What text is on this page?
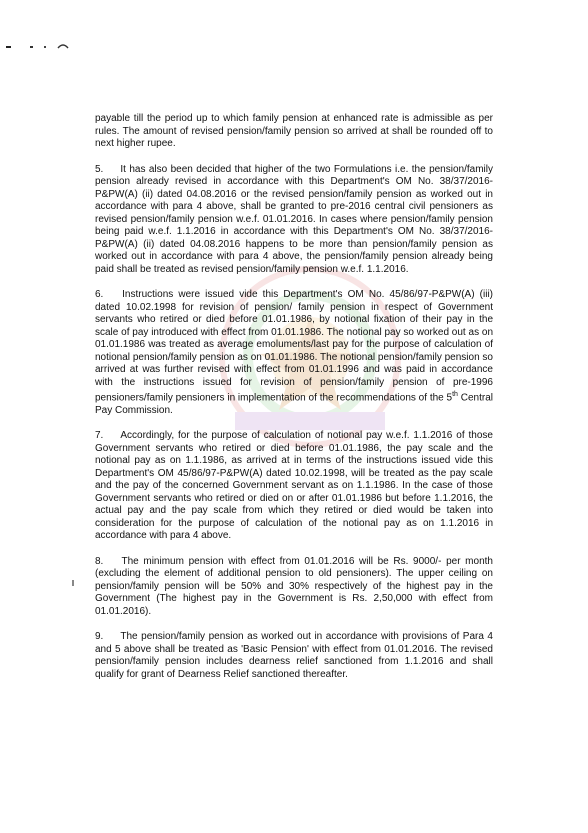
payable till the period up to which family pension at enhanced rate is admissible as per rules. The amount of revised pension/family pension so arrived at shall be rounded off to next higher rupee.

5. It has also been decided that higher of the two Formulations i.e. the pension/family pension already revised in accordance with this Department's OM No. 38/37/2016-P&PW(A) (ii) dated 04.08.2016 or the revised pension/family pension as worked out in accordance with para 4 above, shall be granted to pre-2016 central civil pensioners as revised pension/family pension w.e.f. 01.01.2016. In cases where pension/family pension being paid w.e.f. 1.1.2016 in accordance with this Department's OM No. 38/37/2016-P&PW(A) (ii) dated 04.08.2016 happens to be more than pension/family pension as worked out in accordance with para 4 above, the pension/family pension already being paid shall be treated as revised pension/family pension w.e.f. 1.1.2016.

6. Instructions were issued vide this Department's OM No. 45/86/97-P&PW(A) (iii) dated 10.02.1998 for revision of pension/ family pension in respect of Government servants who retired or died before 01.01.1986, by notional fixation of their pay in the scale of pay introduced with effect from 01.01.1986. The notional pay so worked out as on 01.01.1986 was treated as average emoluments/last pay for the purpose of calculation of notional pension/family pension as on 01.01.1986. The notional pension/family pension so arrived at was further revised with effect from 01.01.1996 and was paid in accordance with the instructions issued for revision of pension/family pension of pre-1996 pensioners/family pensioners in implementation of the recommendations of the 5th Central Pay Commission.

7. Accordingly, for the purpose of calculation of notional pay w.e.f. 1.1.2016 of those Government servants who retired or died before 01.01.1986, the pay scale and the notional pay as on 1.1.1986, as arrived at in terms of the instructions issued vide this Department's OM 45/86/97-P&PW(A) dated 10.02.1998, will be treated as the pay scale and the pay of the concerned Government servant as on 1.1.1986. In the case of those Government servants who retired or died on or after 01.01.1986 but before 1.1.2016, the actual pay and the pay scale from which they retired or died would be taken into consideration for the purpose of calculation of the notional pay as on 1.1.2016 in accordance with para 4 above.

8. The minimum pension with effect from 01.01.2016 will be Rs. 9000/- per month (excluding the element of additional pension to old pensioners). The upper ceiling on pension/family pension will be 50% and 30% respectively of the highest pay in the Government (The highest pay in the Government is Rs. 2,50,000 with effect from 01.01.2016).

9. The pension/family pension as worked out in accordance with provisions of Para 4 and 5 above shall be treated as 'Basic Pension' with effect from 01.01.2016. The revised pension/family pension includes dearness relief sanctioned from 1.1.2016 and shall qualify for grant of Dearness Relief sanctioned thereafter.
